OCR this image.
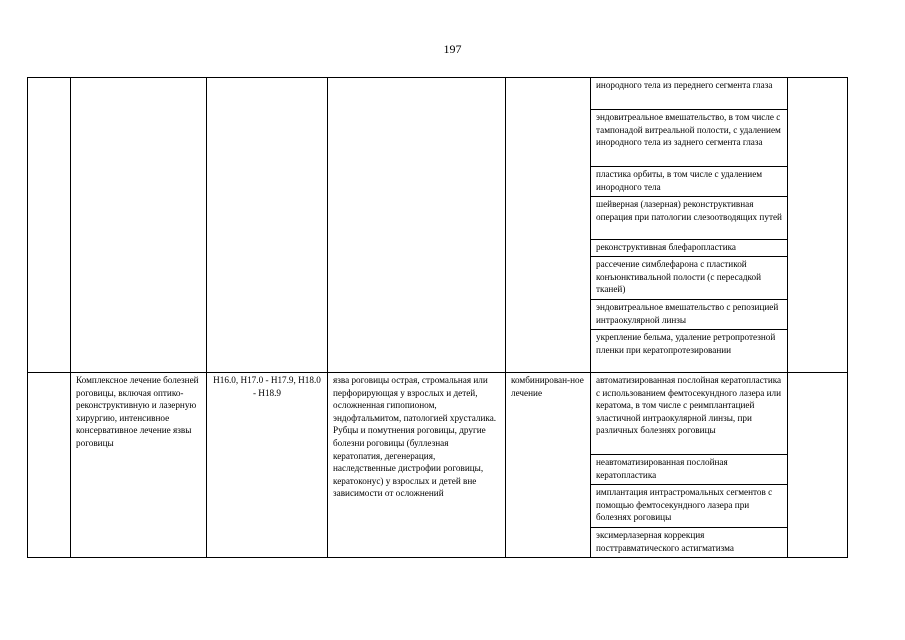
197
					инородного тела из переднего сегмента глаза	
					эндовитреальное вмешательство, в том числе с тампонадой витреальной полости, с удалением инородного тела из заднего сегмента глаза	
					пластика орбиты, в том числе с удалением инородного тела	
					шейверная (лазерная) реконструктивная операция при патологии слезоотводящих путей	
					реконструктивная блефаропластика	
					рассечение симблефарона с пластикой конъюнктивальной полости (с пересадкой тканей)	
					эндовитреальное вмешательство с репозицией интраокулярной линзы	
					укрепление бельма, удаление ретропротезной пленки при кератопротезировании	
	Комплексное лечение болезней роговицы, включая оптико-реконструктивную и лазерную хирургию, интенсивное консервативное лечение язвы роговицы	H16.0, H17.0 - H17.9, H18.0 - H18.9	язва роговицы острая, стромальная или перфорирующая у взрослых и детей, осложненная гипопионом, эндофтальмитом, патологией хрусталика. Рубцы и помутнения роговицы, другие болезни роговицы (буллезная кератопатия, дегенерация, наследственные дистрофии роговицы, кератоконус) у взрослых и детей вне зависимости от осложнений	комбинирован-ное лечение	автоматизированная послойная кератопластика с использованием фемтосекундного лазера или кератома, в том числе с реимплантацией эластичной интраокулярной линзы, при различных болезнях роговицы	
					неавтоматизированная послойная кератопластика	
					имплантация интрастромальных сегментов с помощью фемтосекундного лазера при болезнях роговицы	
					эксимерлазерная коррекция посттравматического астигматизма	
